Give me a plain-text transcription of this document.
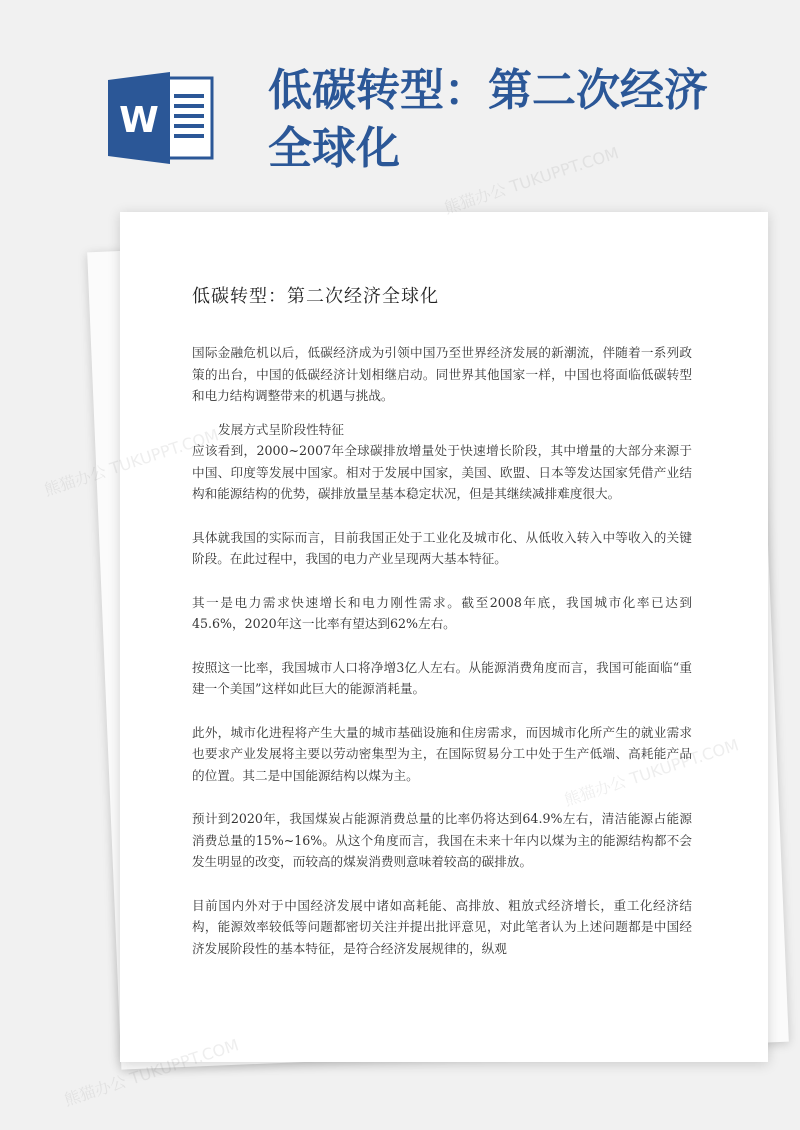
W
低碳转型：第二次经济
全球化
低碳转型：第二次经济全球化

国际金融危机以后，低碳经济成为引领中国乃至世界经济发展的新潮流，伴随着一系列政策的出台，中国的低碳经济计划相继启动。同世界其他国家一样，中国也将面临低碳转型和电力结构调整带来的机遇与挑战。

发展方式呈阶段性特征

应该看到，2000~2007年全球碳排放增量处于快速增长阶段，其中增量的大部分来源于中国、印度等发展中国家。相对于发展中国家，美国、欧盟、日本等发达国家凭借产业结构和能源结构的优势，碳排放量呈基本稳定状况，但是其继续减排难度很大。

具体就我国的实际而言，目前我国正处于工业化及城市化、从低收入转入中等收入的关键阶段。在此过程中，我国的电力产业呈现两大基本特征。

其一是电力需求快速增长和电力刚性需求。截至2008年底，我国城市化率已达到45.6%，2020年这一比率有望达到62%左右。

按照这一比率，我国城市人口将净增3亿人左右。从能源消费角度而言，我国可能面临“重建一个美国”这样如此巨大的能源消耗量。

此外，城市化进程将产生大量的城市基础设施和住房需求，而因城市化所产生的就业需求也要求产业发展将主要以劳动密集型为主，在国际贸易分工中处于生产低端、高耗能产品的位置。其二是中国能源结构以煤为主。

预计到2020年，我国煤炭占能源消费总量的比率仍将达到64.9%左右，清洁能源占能源消费总量的15%~16%。从这个角度而言，我国在未来十年内以煤为主的能源结构都不会发生明显的改变，而较高的煤炭消费则意味着较高的碳排放。

目前国内外对于中国经济发展中诸如高耗能、高排放、粗放式经济增长，重工化经济结构，能源效率较低等问题都密切关注并提出批评意见，对此笔者认为上述问题都是中国经济发展阶段性的基本特征，是符合经济发展规律的，纵观

熊猫办公 TUKUPPT.COM
熊猫办公
熊猫办公 TUKUPPT.COM
